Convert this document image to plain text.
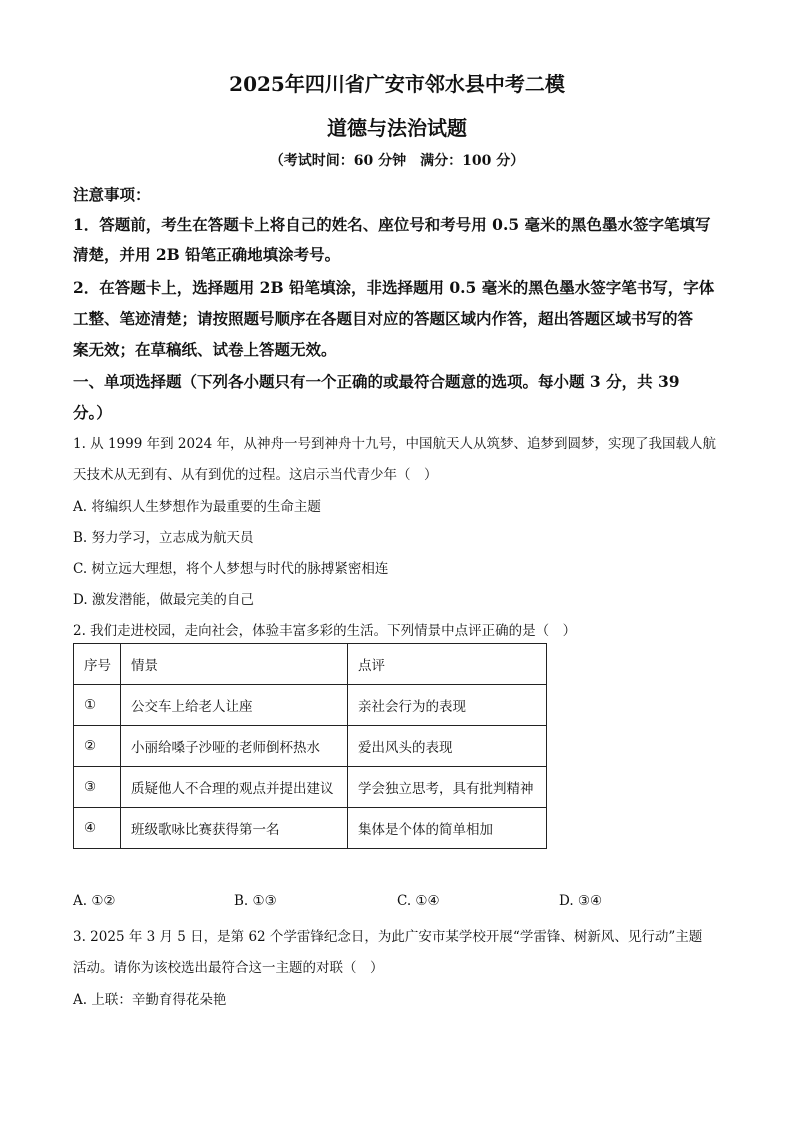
2025年四川省广安市邻水县中考二模
道德与法治试题
（考试时间：60 分钟　满分：100 分）
注意事项：
1．答题前，考生在答题卡上将自己的姓名、座位号和考号用 0.5 毫米的黑色墨水签字笔填写
清楚，并用 2B 铅笔正确地填涂考号。
2．在答题卡上，选择题用 2B 铅笔填涂，非选择题用 0.5 毫米的黑色墨水签字笔书写，字体
工整、笔迹清楚；请按照题号顺序在各题目对应的答题区域内作答，超出答题区域书写的答
案无效；在草稿纸、试卷上答题无效。
一、单项选择题（下列各小题只有一个正确的或最符合题意的选项。每小题 3 分，共 39
分。）
1. 从 1999 年到 2024 年，从神舟一号到神舟十九号，中国航天人从筑梦、追梦到圆梦，实现了我国载人航
天技术从无到有、从有到优的过程。这启示当代青少年（　）
A. 将编织人生梦想作为最重要的生命主题
B. 努力学习，立志成为航天员
C. 树立远大理想，将个人梦想与时代的脉搏紧密相连
D. 激发潜能，做最完美的自己
2. 我们走进校园，走向社会，体验丰富多彩的生活。下列情景中点评正确的是（　）
序号	情景	点评
①	公交车上给老人让座	亲社会行为的表现
②	小丽给嗓子沙哑的老师倒杯热水	爱出风头的表现
③	质疑他人不合理的观点并提出建议	学会独立思考，具有批判精神
④	班级歌咏比赛获得第一名	集体是个体的简单相加
A. ①②	B. ①③	C. ①④	D. ③④
3. 2025 年 3 月 5 日，是第 62 个学雷锋纪念日，为此广安市某学校开展“学雷锋、树新风、见行动”主题
活动。请你为该校选出最符合这一主题的对联（　）
A. 上联：辛勤育得花朵艳
